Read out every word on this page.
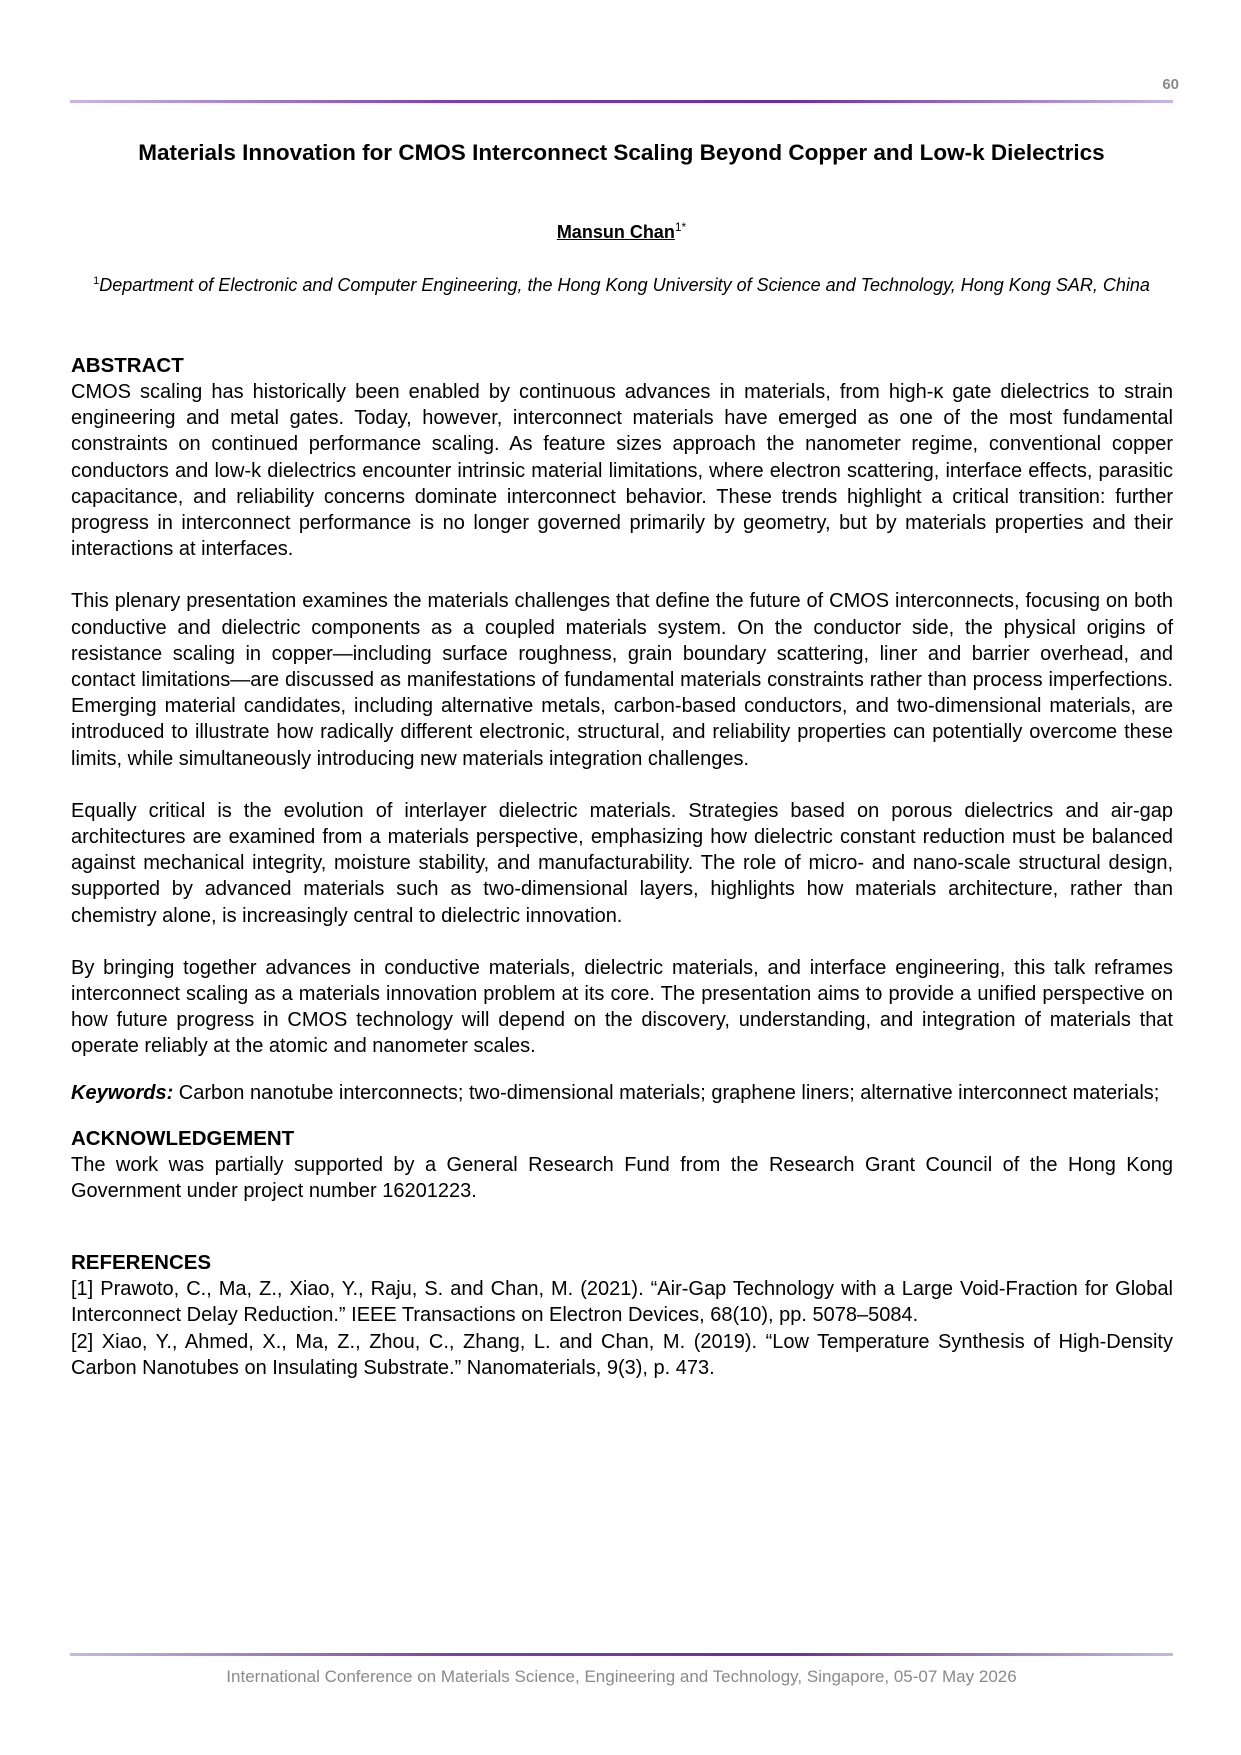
60
Materials Innovation for CMOS Interconnect Scaling Beyond Copper and Low-k Dielectrics
Mansun Chan$^{1*}$
$^1$Department of Electronic and Computer Engineering, the Hong Kong University of Science and Technology, Hong Kong SAR, China

ABSTRACT

CMOS scaling has historically been enabled by continuous advances in materials, from high-κ gate dielectrics to strain engineering and metal gates. Today, however, interconnect materials have emerged as one of the most fundamental constraints on continued performance scaling. As feature sizes approach the nanometer regime, conventional copper conductors and low-k dielectrics encounter intrinsic material limitations, where electron scattering, interface effects, parasitic capacitance, and reliability concerns dominate interconnect behavior. These trends highlight a critical transition: further progress in interconnect performance is no longer governed primarily by geometry, but by materials properties and their interactions at interfaces.

This plenary presentation examines the materials challenges that define the future of CMOS interconnects, focusing on both conductive and dielectric components as a coupled materials system. On the conductor side, the physical origins of resistance scaling in copper—including surface roughness, grain boundary scattering, liner and barrier overhead, and contact limitations—are discussed as manifestations of fundamental materials constraints rather than process imperfections. Emerging material candidates, including alternative metals, carbon-based conductors, and two-dimensional materials, are introduced to illustrate how radically different electronic, structural, and reliability properties can potentially overcome these limits, while simultaneously introducing new materials integration challenges.

Equally critical is the evolution of interlayer dielectric materials. Strategies based on porous dielectrics and air-gap architectures are examined from a materials perspective, emphasizing how dielectric constant reduction must be balanced against mechanical integrity, moisture stability, and manufacturability. The role of micro- and nano-scale structural design, supported by advanced materials such as two-dimensional layers, highlights how materials architecture, rather than chemistry alone, is increasingly central to dielectric innovation.

By bringing together advances in conductive materials, dielectric materials, and interface engineering, this talk reframes interconnect scaling as a materials innovation problem at its core. The presentation aims to provide a unified perspective on how future progress in CMOS technology will depend on the discovery, understanding, and integration of materials that operate reliably at the atomic and nanometer scales.

Keywords: Carbon nanotube interconnects; two-dimensional materials; graphene liners; alternative interconnect materials;

ACKNOWLEDGEMENT

The work was partially supported by a General Research Fund from the Research Grant Council of the Hong Kong Government under project number 16201223.

REFERENCES

[1] Prawoto, C., Ma, Z., Xiao, Y., Raju, S. and Chan, M. (2021). “Air-Gap Technology with a Large Void-Fraction for Global Interconnect Delay Reduction.” IEEE Transactions on Electron Devices, 68(10), pp. 5078–5084.

[2] Xiao, Y., Ahmed, X., Ma, Z., Zhou, C., Zhang, L. and Chan, M. (2019). “Low Temperature Synthesis of High-Density Carbon Nanotubes on Insulating Substrate.” Nanomaterials, 9(3), p. 473.

International Conference on Materials Science, Engineering and Technology, Singapore, 05-07 May 2026
